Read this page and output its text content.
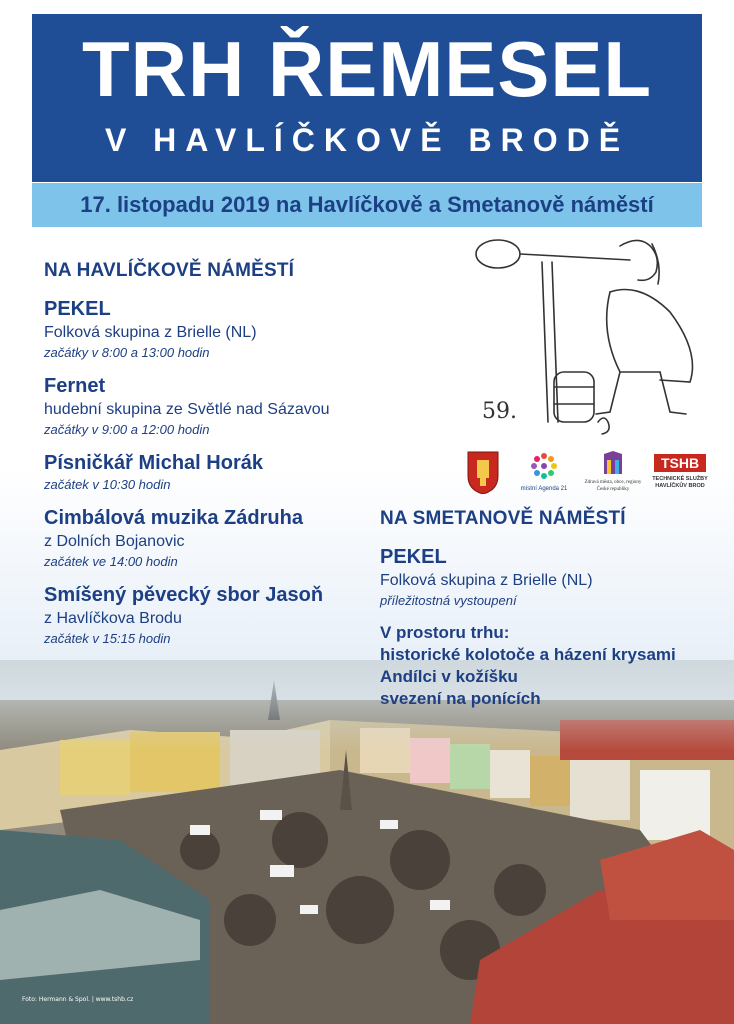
TRH ŘEMESEL
V HAVLÍČKOVĚ BRODĚ
17. listopadu 2019 na Havlíčkově a Smetanově náměstí
NA HAVLÍČKOVĚ NÁMĚSTÍ
PEKEL
Folková skupina z Brielle (NL)
začátky v 8:00 a 13:00 hodin
Fernet
hudební skupina ze Světlé nad Sázavou
začátky v 9:00 a 12:00 hodin
Písničkář Michal Horák
začátek v 10:30 hodin
Cimbálová muzika Zádruha
z Dolních Bojanovic
začátek ve 14:00 hodin
Smíšený pěvecký sbor Jasoň
z Havlíčkova Brodu
začátek v 15:15 hodin
NA SMETANOVĚ NÁMĚSTÍ
PEKEL
Folková skupina z Brielle (NL)
příležitostná vystoupení
V prostoru trhu:
historické kolotoče a házení krysami
Andílci v kožíšku
svezení na ponících
59.
místní Agenda 21
Zdravá města, obce, regiony
České republiky
TSHB
TECHNICKÉ SLUŽBY
HAVLÍČKŮV BROD
Foto: Hermann & Spol. | www.tshb.cz
